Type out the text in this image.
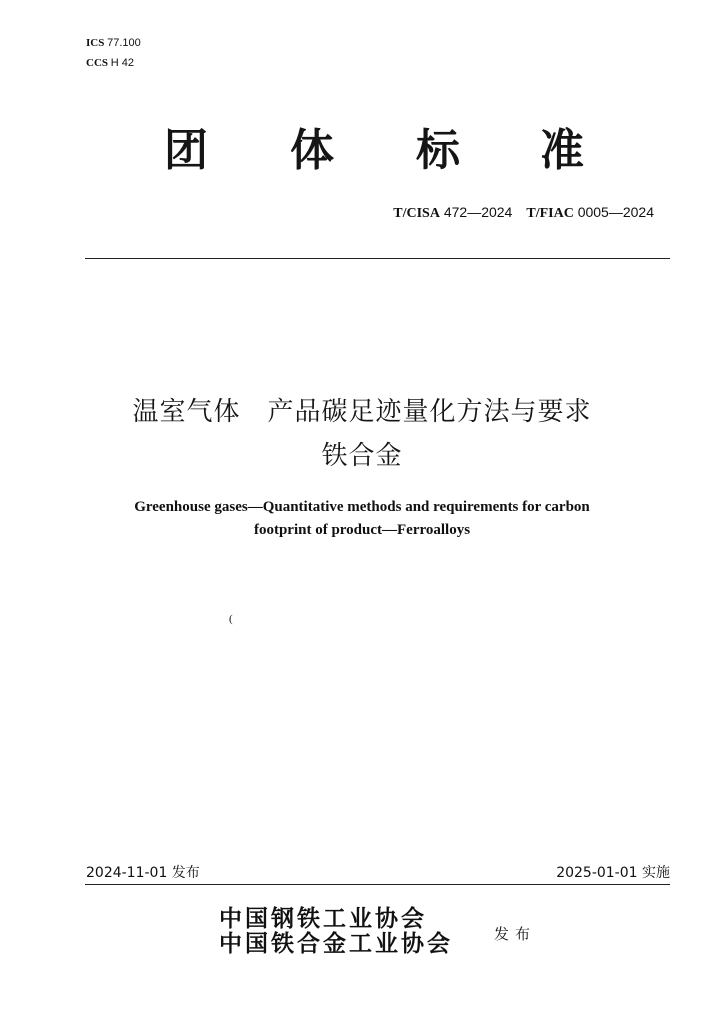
ICS 77.100
CCS H 42
团 体 标 准
T/CISA 472—2024 T/FIAC 0005—2024
温室气体　产品碳足迹量化方法与要求
铁合金
Greenhouse gases—Quantitative methods and requirements for carbon
footprint of product—Ferroalloys
(
2024-11-01 发布	2025-01-01 实施
中国钢铁工业协会
中国铁合金工业协会	发布
